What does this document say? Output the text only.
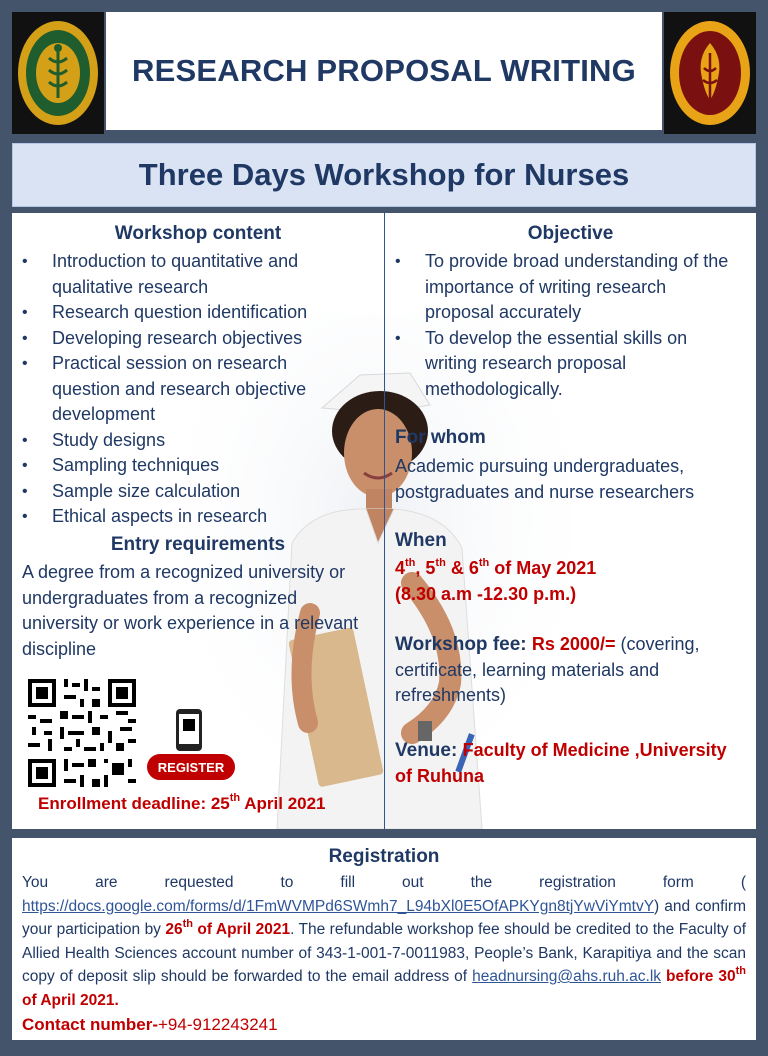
RESEARCH PROPOSAL WRITING
Three Days Workshop for Nurses
Workshop content
• Introduction to quantitative and qualitative research
• Research question identification
• Developing research objectives
• Practical session on research question and research objective development
• Study designs
• Sampling techniques
• Sample size calculation
• Ethical aspects in research
Entry requirements
A degree from a recognized university or undergraduates from a recognized university or work experience in a relevant discipline
REGISTER
Enrollment deadline: 25th April 2021
Objective
• To provide broad understanding of the importance of writing research proposal accurately
• To develop the essential skills on writing research proposal methodologically.
For whom
Academic pursuing undergraduates, postgraduates and nurse researchers
When
4th, 5th & 6th of May 2021
(8.30 a.m -12.30 p.m.)
Workshop fee: Rs 2000/= (covering, certificate, learning materials and refreshments)
Venue: Faculty of Medicine ,University of Ruhuna
Registration
You are requested to fill out the registration form ( https://docs.google.com/forms/d/1FmWVMPd6SWmh7_L94bXl0E5OfAPKYgn8tjYwViYmtvY) and confirm your participation by 26th of April 2021. The refundable workshop fee should be credited to the Faculty of Allied Health Sciences account number of 343-1-001-7-0011983, People’s Bank, Karapitiya and the scan copy of deposit slip should be forwarded to the email address of headnursing@ahs.ruh.ac.lk before 30th of April 2021.
Contact number-+94-912243241
